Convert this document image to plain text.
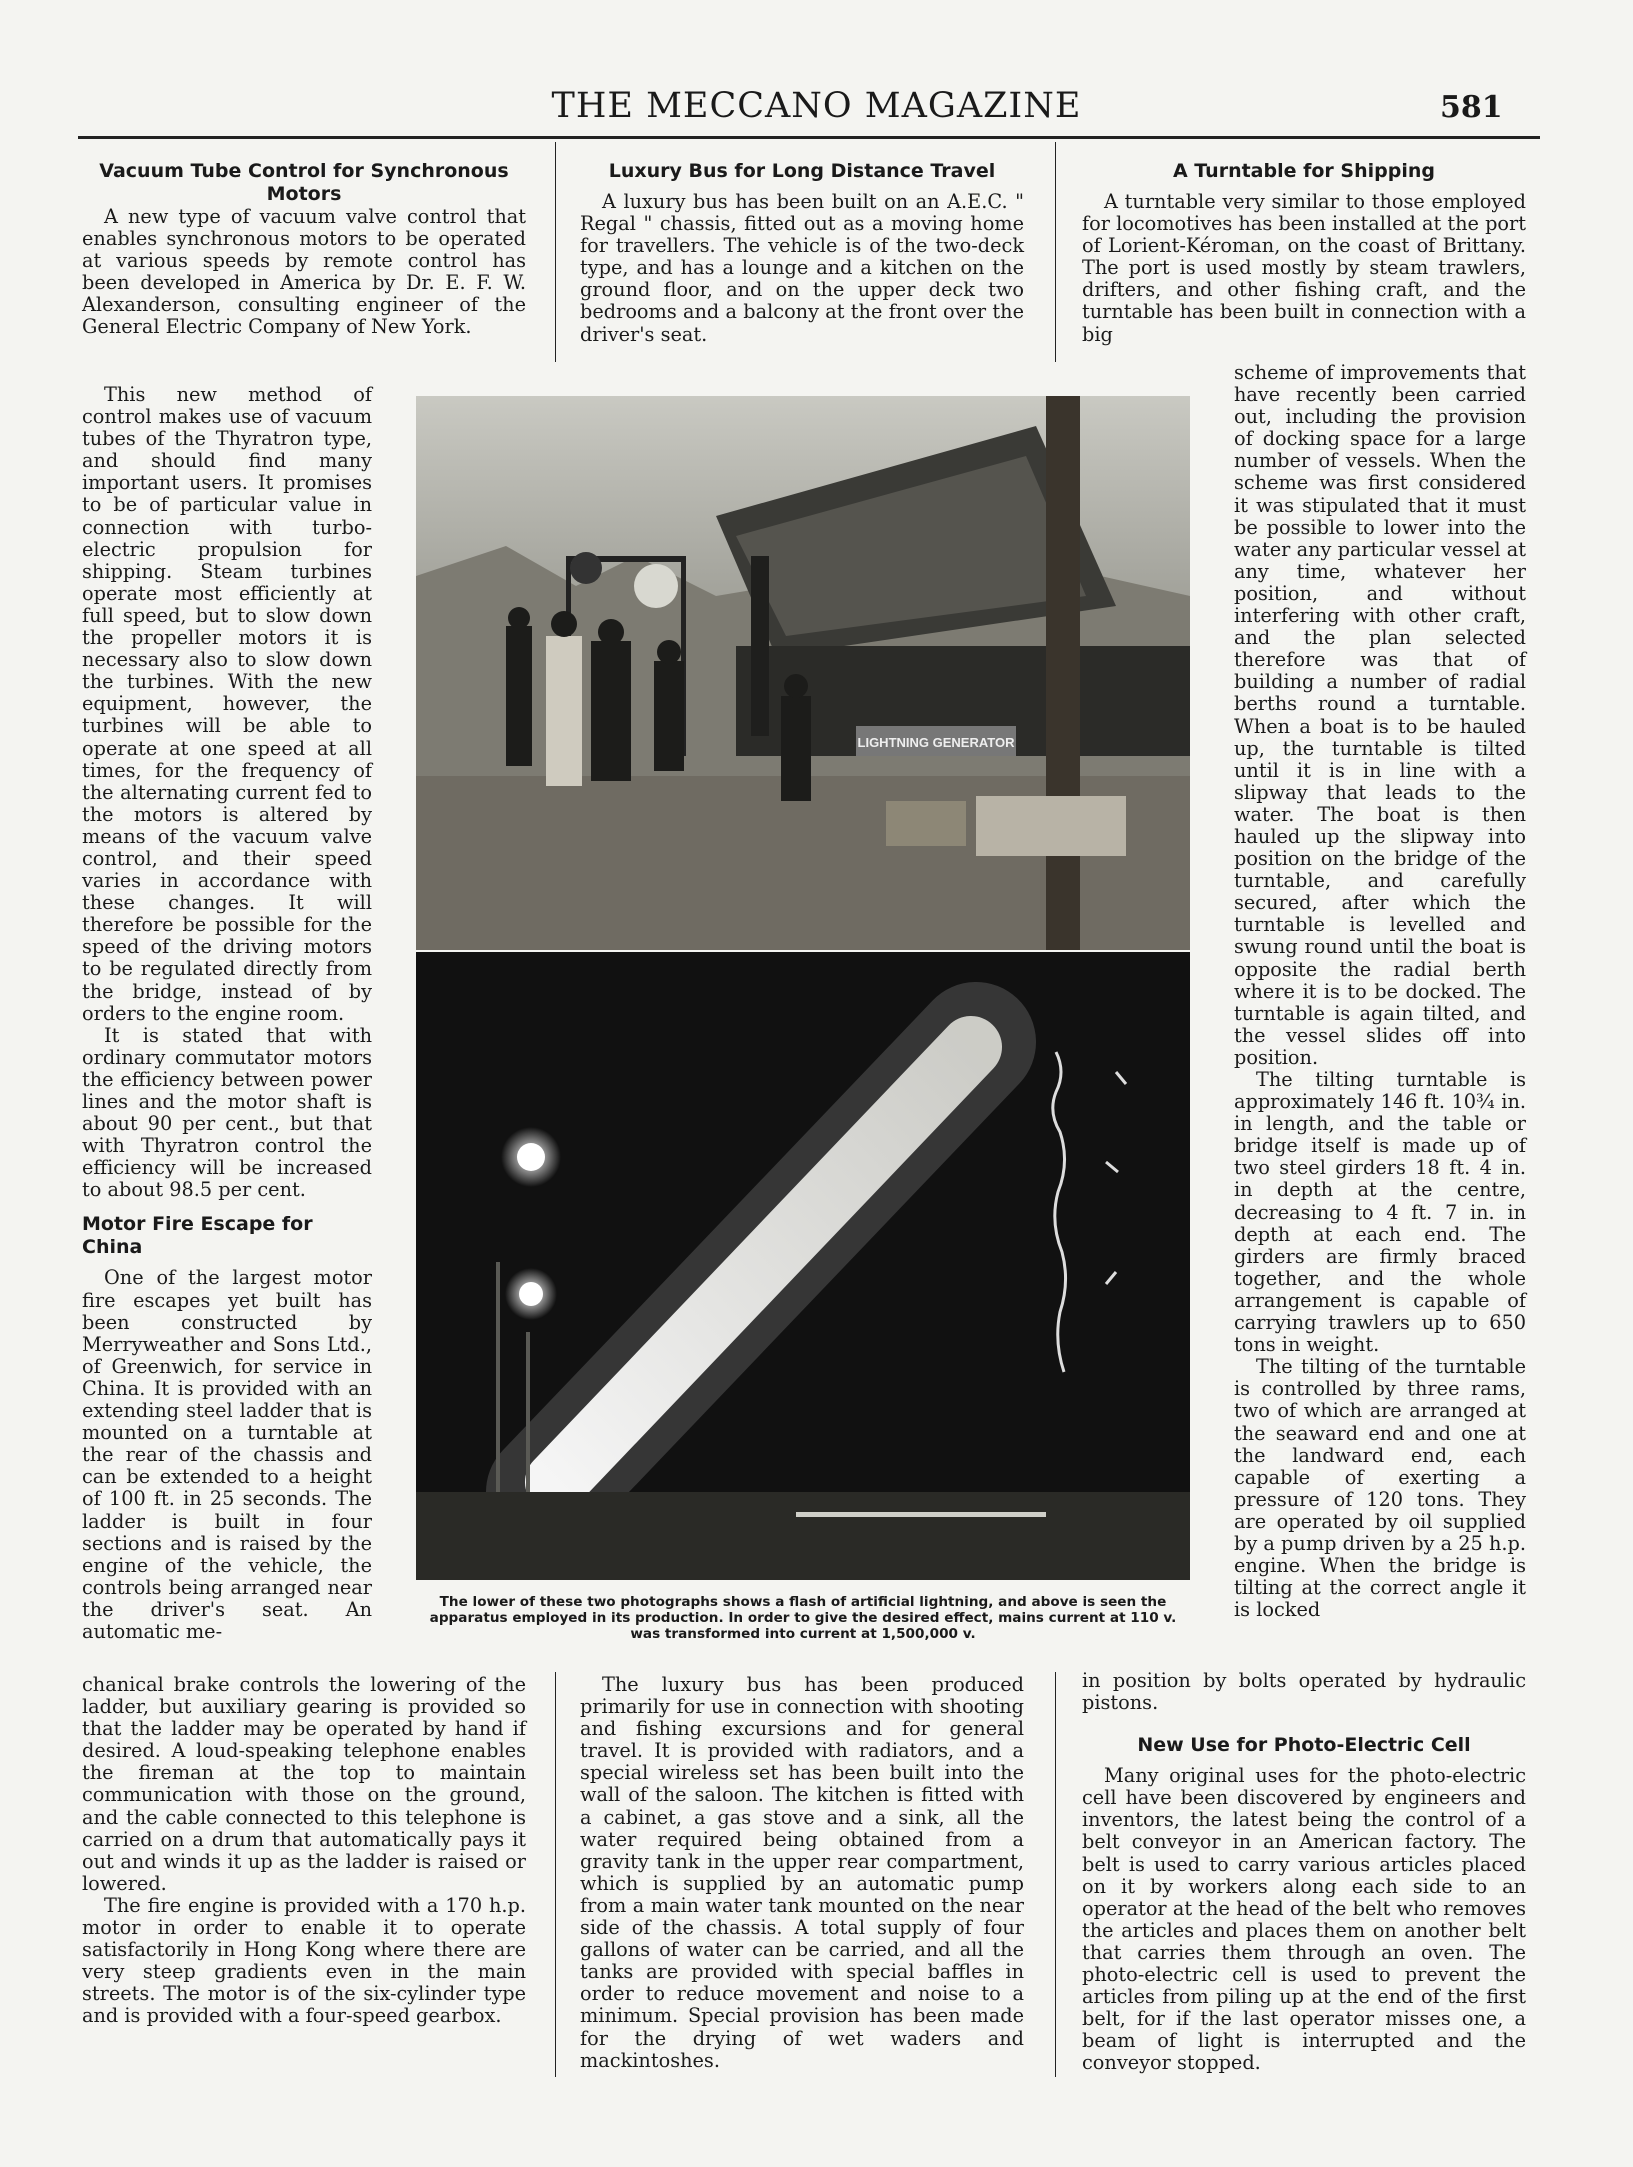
THE MECCANO MAGAZINE	581
Vacuum Tube Control for Synchronous Motors

A new type of vacuum valve control that enables synchronous motors to be operated at various speeds by remote control has been developed in America by Dr. E. F. W. Alexanderson, consulting engineer of the General Electric Company of New York.

This new method of control makes use of vacuum tubes of the Thyratron type, and should find many important users. It promises to be of particular value in connection with turbo-electric propulsion for shipping. Steam turbines operate most efficiently at full speed, but to slow down the propeller motors it is necessary also to slow down the turbines. With the new equipment, however, the turbines will be able to operate at one speed at all times, for the frequency of the alternating current fed to the motors is altered by means of the vacuum valve control, and their speed varies in accordance with these changes. It will therefore be possible for the speed of the driving motors to be regulated directly from the bridge, instead of by orders to the engine room.

It is stated that with ordinary commutator motors the efficiency between power lines and the motor shaft is about 90 per cent., but that with Thyratron control the efficiency will be increased to about 98.5 per cent.

Motor Fire Escape for China

One of the largest motor fire escapes yet built has been constructed by Merryweather and Sons Ltd., of Greenwich, for service in China. It is provided with an extending steel ladder that is mounted on a turntable at the rear of the chassis and can be extended to a height of 100 ft. in 25 seconds. The ladder is built in four sections and is raised by the engine of the vehicle, the controls being arranged near the driver's seat. An automatic me-

chanical brake controls the lowering of the ladder, but auxiliary gearing is provided so that the ladder may be operated by hand if desired. A loud-speaking telephone enables the fireman at the top to maintain communication with those on the ground, and the cable connected to this telephone is carried on a drum that automatically pays it out and winds it up as the ladder is raised or lowered.

The fire engine is provided with a 170 h.p. motor in order to enable it to operate satisfactorily in Hong Kong where there are very steep gradients even in the main streets. The motor is of the six-cylinder type and is provided with a four-speed gearbox.

Luxury Bus for Long Distance Travel

A luxury bus has been built on an A.E.C. " Regal " chassis, fitted out as a moving home for travellers. The vehicle is of the two-deck type, and has a lounge and a kitchen on the ground floor, and on the upper deck two bedrooms and a balcony at the front over the driver's seat.

The luxury bus has been produced primarily for use in connection with shooting and fishing excursions and for general travel. It is provided with radiators, and a special wireless set has been built into the wall of the saloon. The kitchen is fitted with a cabinet, a gas stove and a sink, all the water required being obtained from a gravity tank in the upper rear compartment, which is supplied by an automatic pump from a main water tank mounted on the near side of the chassis. A total supply of four gallons of water can be carried, and all the tanks are provided with special baffles in order to reduce movement and noise to a minimum. Special provision has been made for the drying of wet waders and mackintoshes.

A Turntable for Shipping

A turntable very similar to those employed for locomotives has been installed at the port of Lorient-Kéroman, on the coast of Brittany. The port is used mostly by steam trawlers, drifters, and other fishing craft, and the turntable has been built in connection with a big

scheme of improvements that have recently been carried out, including the provision of docking space for a large number of vessels. When the scheme was first considered it was stipulated that it must be possible to lower into the water any particular vessel at any time, whatever her position, and without interfering with other craft, and the plan selected therefore was that of building a number of radial berths round a turntable. When a boat is to be hauled up, the turntable is tilted until it is in line with a slipway that leads to the water. The boat is then hauled up the slipway into position on the bridge of the turntable, and carefully secured, after which the turntable is levelled and swung round until the boat is opposite the radial berth where it is to be docked. The turntable is again tilted, and the vessel slides off into position.

The tilting turntable is approximately 146 ft. 10¾ in. in length, and the table or bridge itself is made up of two steel girders 18 ft. 4 in. in depth at the centre, decreasing to 4 ft. 7 in. in depth at each end. The girders are firmly braced together, and the whole arrangement is capable of carrying trawlers up to 650 tons in weight.

The tilting of the turntable is controlled by three rams, two of which are arranged at the seaward end and one at the landward end, each capable of exerting a pressure of 120 tons. They are operated by oil supplied by a pump driven by a 25 h.p. engine. When the bridge is tilting at the correct angle it is locked

in position by bolts operated by hydraulic pistons.

New Use for Photo-Electric Cell

Many original uses for the photo-electric cell have been discovered by engineers and inventors, the latest being the control of a belt conveyor in an American factory. The belt is used to carry various articles placed on it by workers along each side to an operator at the head of the belt who removes the articles and places them on another belt that carries them through an oven. The photo-electric cell is used to prevent the articles from piling up at the end of the first belt, for if the last operator misses one, a beam of light is interrupted and the conveyor stopped.

LIGHTNING GENERATOR
The lower of these two photographs shows a flash of artificial lightning, and above is seen the apparatus employed in its production. In order to give the desired effect, mains current at 110 v. was transformed into current at 1,500,000 v.
